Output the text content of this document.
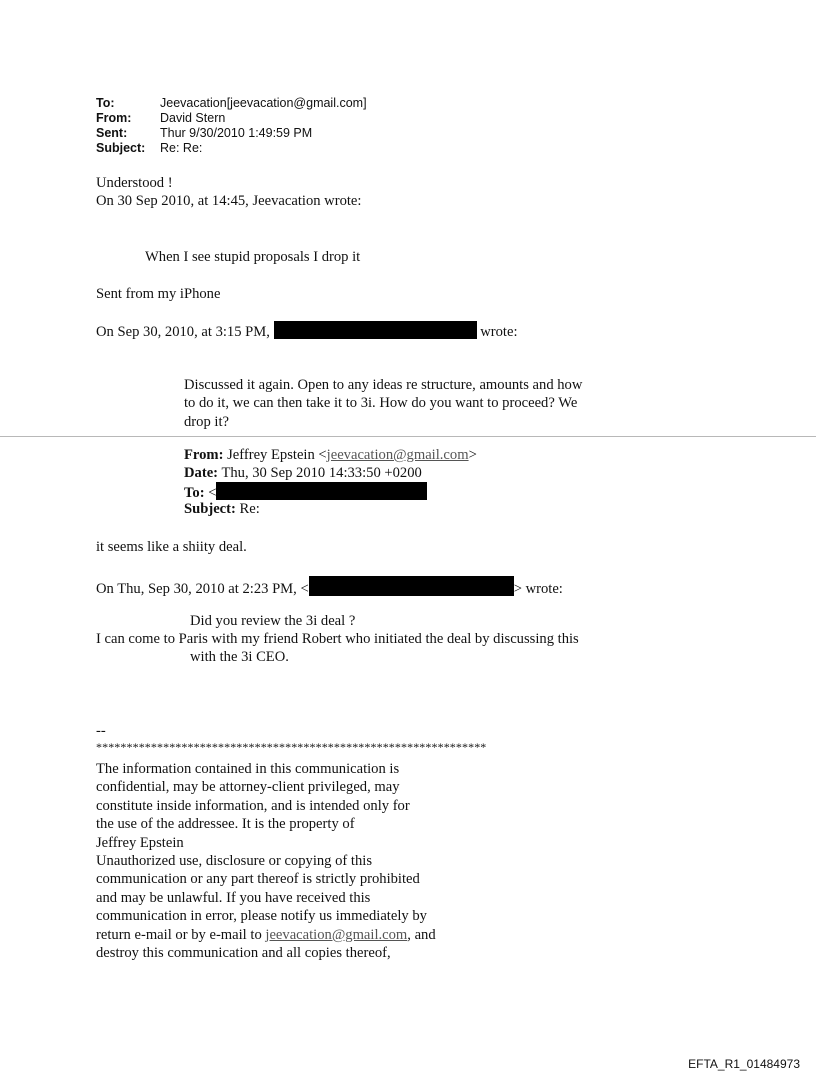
To:	Jeevacation[jeevacation@gmail.com]
From:	David Stern
Sent:	Thur 9/30/2010 1:49:59 PM
Subject:	Re: Re:
Understood !
On 30 Sep 2010, at 14:45, Jeevacation wrote:
When I see stupid proposals I drop it
Sent from my iPhone
On Sep 30, 2010, at 3:15 PM,	wrote:
Discussed it again. Open to any ideas re structure, amounts and how
to do it, we can then take it to 3i. How do you want to proceed? We
drop it?
From: Jeffrey Epstein <jeevacation@gmail.com>
Date: Thu, 30 Sep 2010 14:33:50 +0200
To: <
Subject: Re:
it seems like a shiity deal.
On Thu, Sep 30, 2010 at 2:23 PM, <	> wrote:
Did you review the 3i deal ?
I can come to Paris with my friend Robert who initiated the deal by discussing this
with the 3i CEO.
--
****************************************************************
The information contained in this communication is
confidential, may be attorney-client privileged, may
constitute inside information, and is intended only for
the use of the addressee. It is the property of
Jeffrey Epstein
Unauthorized use, disclosure or copying of this
communication or any part thereof is strictly prohibited
and may be unlawful. If you have received this
communication in error, please notify us immediately by
return e-mail or by e-mail to jeevacation@gmail.com, and
destroy this communication and all copies thereof,
EFTA_R1_01484973
